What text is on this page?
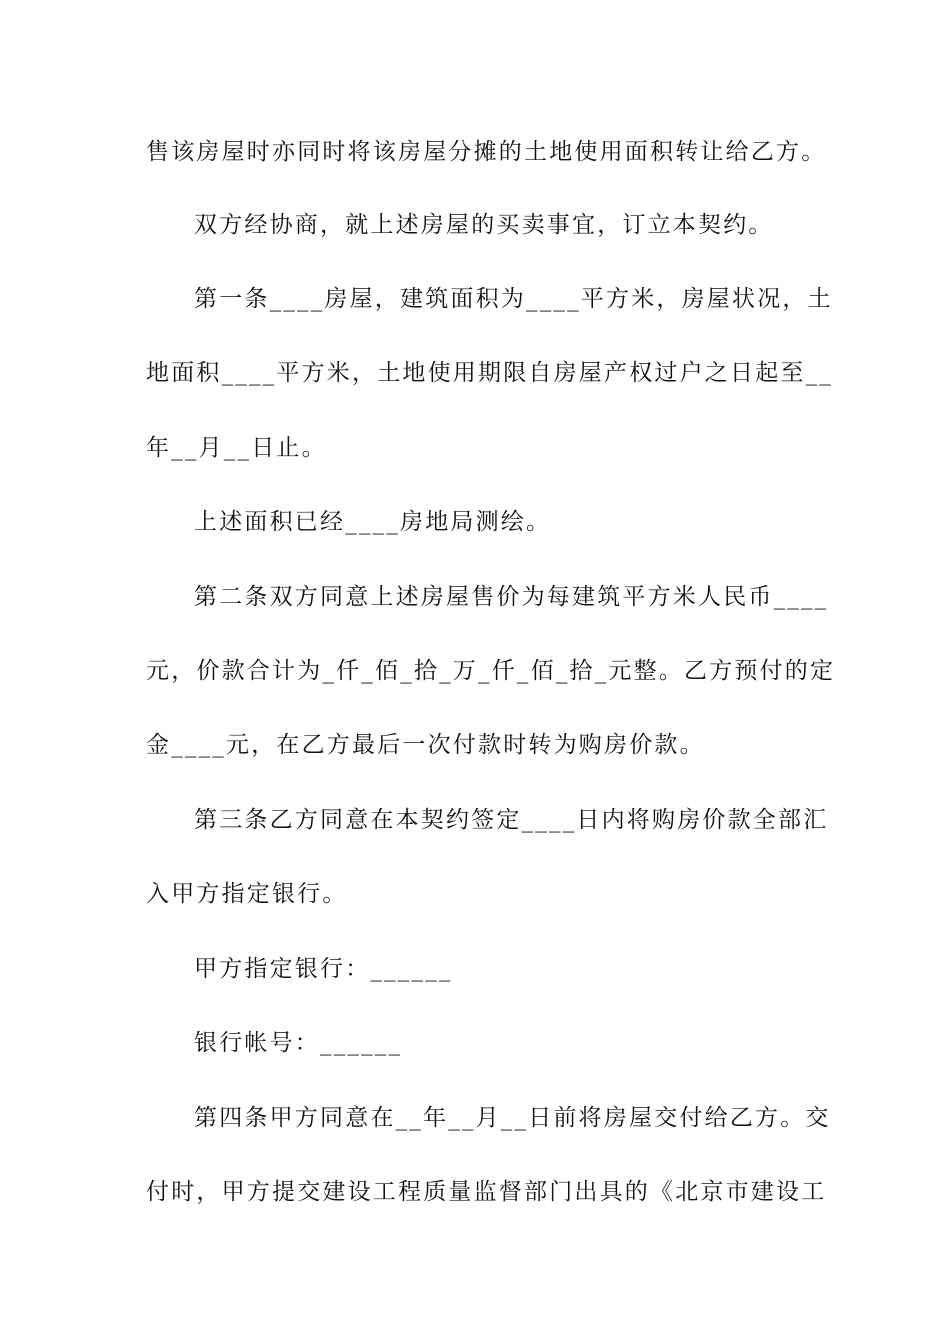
售该房屋时亦同时将该房屋分摊的土地使用面积转让给乙方。
双方经协商，就上述房屋的买卖事宜，订立本契约。
第一条____房屋，建筑面积为____平方米，房屋状况，土
地面积____平方米，土地使用期限自房屋产权过户之日起至__
年__月__日止。
上述面积已经____房地局测绘。
第二条双方同意上述房屋售价为每建筑平方米人民币____
元，价款合计为_仟_佰_拾_万_仟_佰_拾_元整。乙方预付的定
金____元，在乙方最后一次付款时转为购房价款。
第三条乙方同意在本契约签定____日内将购房价款全部汇
入甲方指定银行。
甲方指定银行：______
银行帐号：______
第四条甲方同意在__年__月__日前将房屋交付给乙方。交
付时，甲方提交建设工程质量监督部门出具的《北京市建设工
